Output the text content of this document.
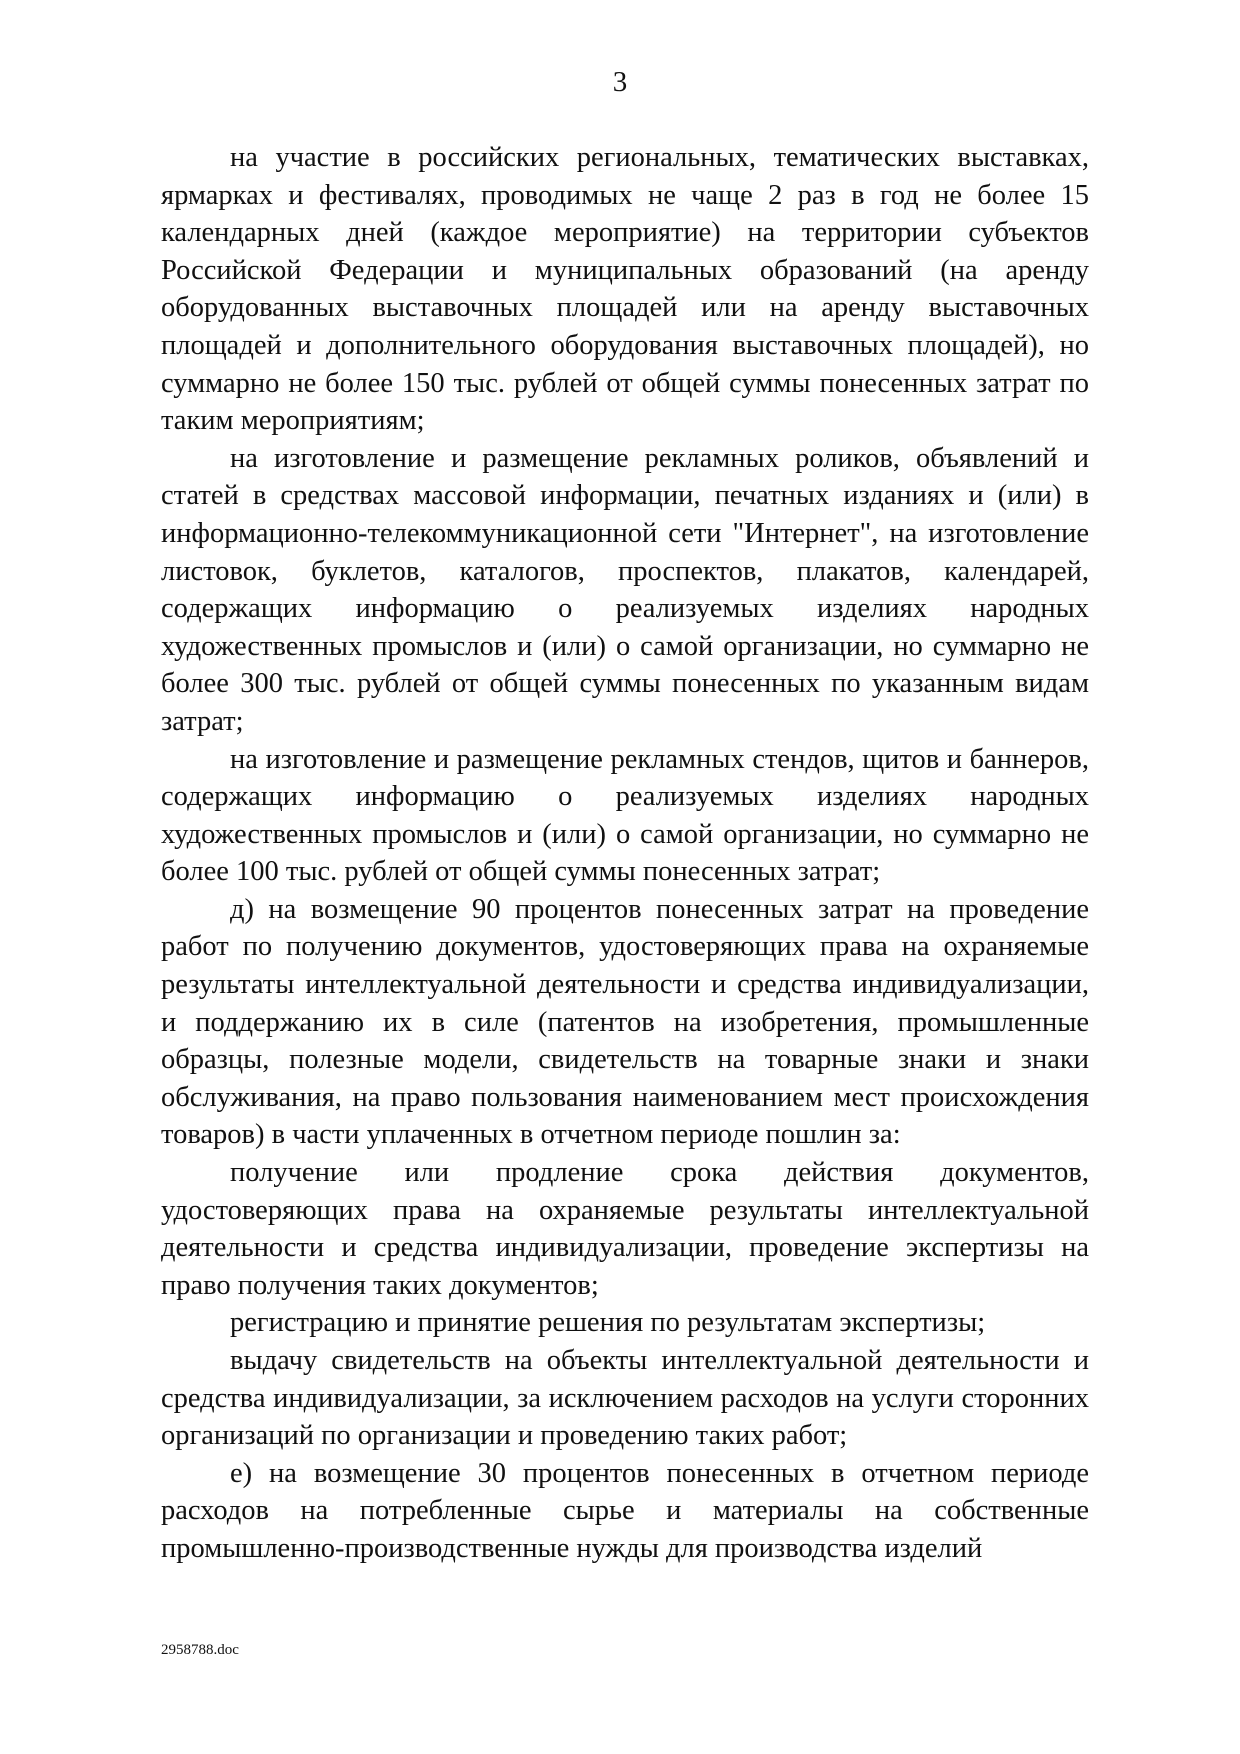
3

на участие в российских региональных, тематических выставках, ярмарках и фестивалях, проводимых не чаще 2 раз в год не более 15 календарных дней (каждое мероприятие) на территории субъектов Российской Федерации и муниципальных образований (на аренду оборудованных выставочных площадей или на аренду выставочных площадей и дополнительного оборудования выставочных площадей), но суммарно не более 150 тыс. рублей от общей суммы понесенных затрат по таким мероприятиям;

на изготовление и размещение рекламных роликов, объявлений и статей в средствах массовой информации, печатных изданиях и (или) в информационно-телекоммуникационной сети "Интернет", на изготовление листовок, буклетов, каталогов, проспектов, плакатов, календарей, содержащих информацию о реализуемых изделиях народных художественных промыслов и (или) о самой организации, но суммарно не более 300 тыс. рублей от общей суммы понесенных по указанным видам затрат;

на изготовление и размещение рекламных стендов, щитов и баннеров, содержащих информацию о реализуемых изделиях народных художественных промыслов и (или) о самой организации, но суммарно не более 100 тыс. рублей от общей суммы понесенных затрат;

д) на возмещение 90 процентов понесенных затрат на проведение работ по получению документов, удостоверяющих права на охраняемые результаты интеллектуальной деятельности и средства индивидуализации, и поддержанию их в силе (патентов на изобретения, промышленные образцы, полезные модели, свидетельств на товарные знаки и знаки обслуживания, на право пользования наименованием мест происхождения товаров) в части уплаченных в отчетном периоде пошлин за:

получение или продление срока действия документов, удостоверяющих права на охраняемые результаты интеллектуальной деятельности и средства индивидуализации, проведение экспертизы на право получения таких документов;

регистрацию и принятие решения по результатам экспертизы;

выдачу свидетельств на объекты интеллектуальной деятельности и средства индивидуализации, за исключением расходов на услуги сторонних организаций по организации и проведению таких работ;

е) на возмещение 30 процентов понесенных в отчетном периоде расходов на потребленные сырье и материалы на собственные промышленно-производственные нужды для производства изделий

2958788.doc
